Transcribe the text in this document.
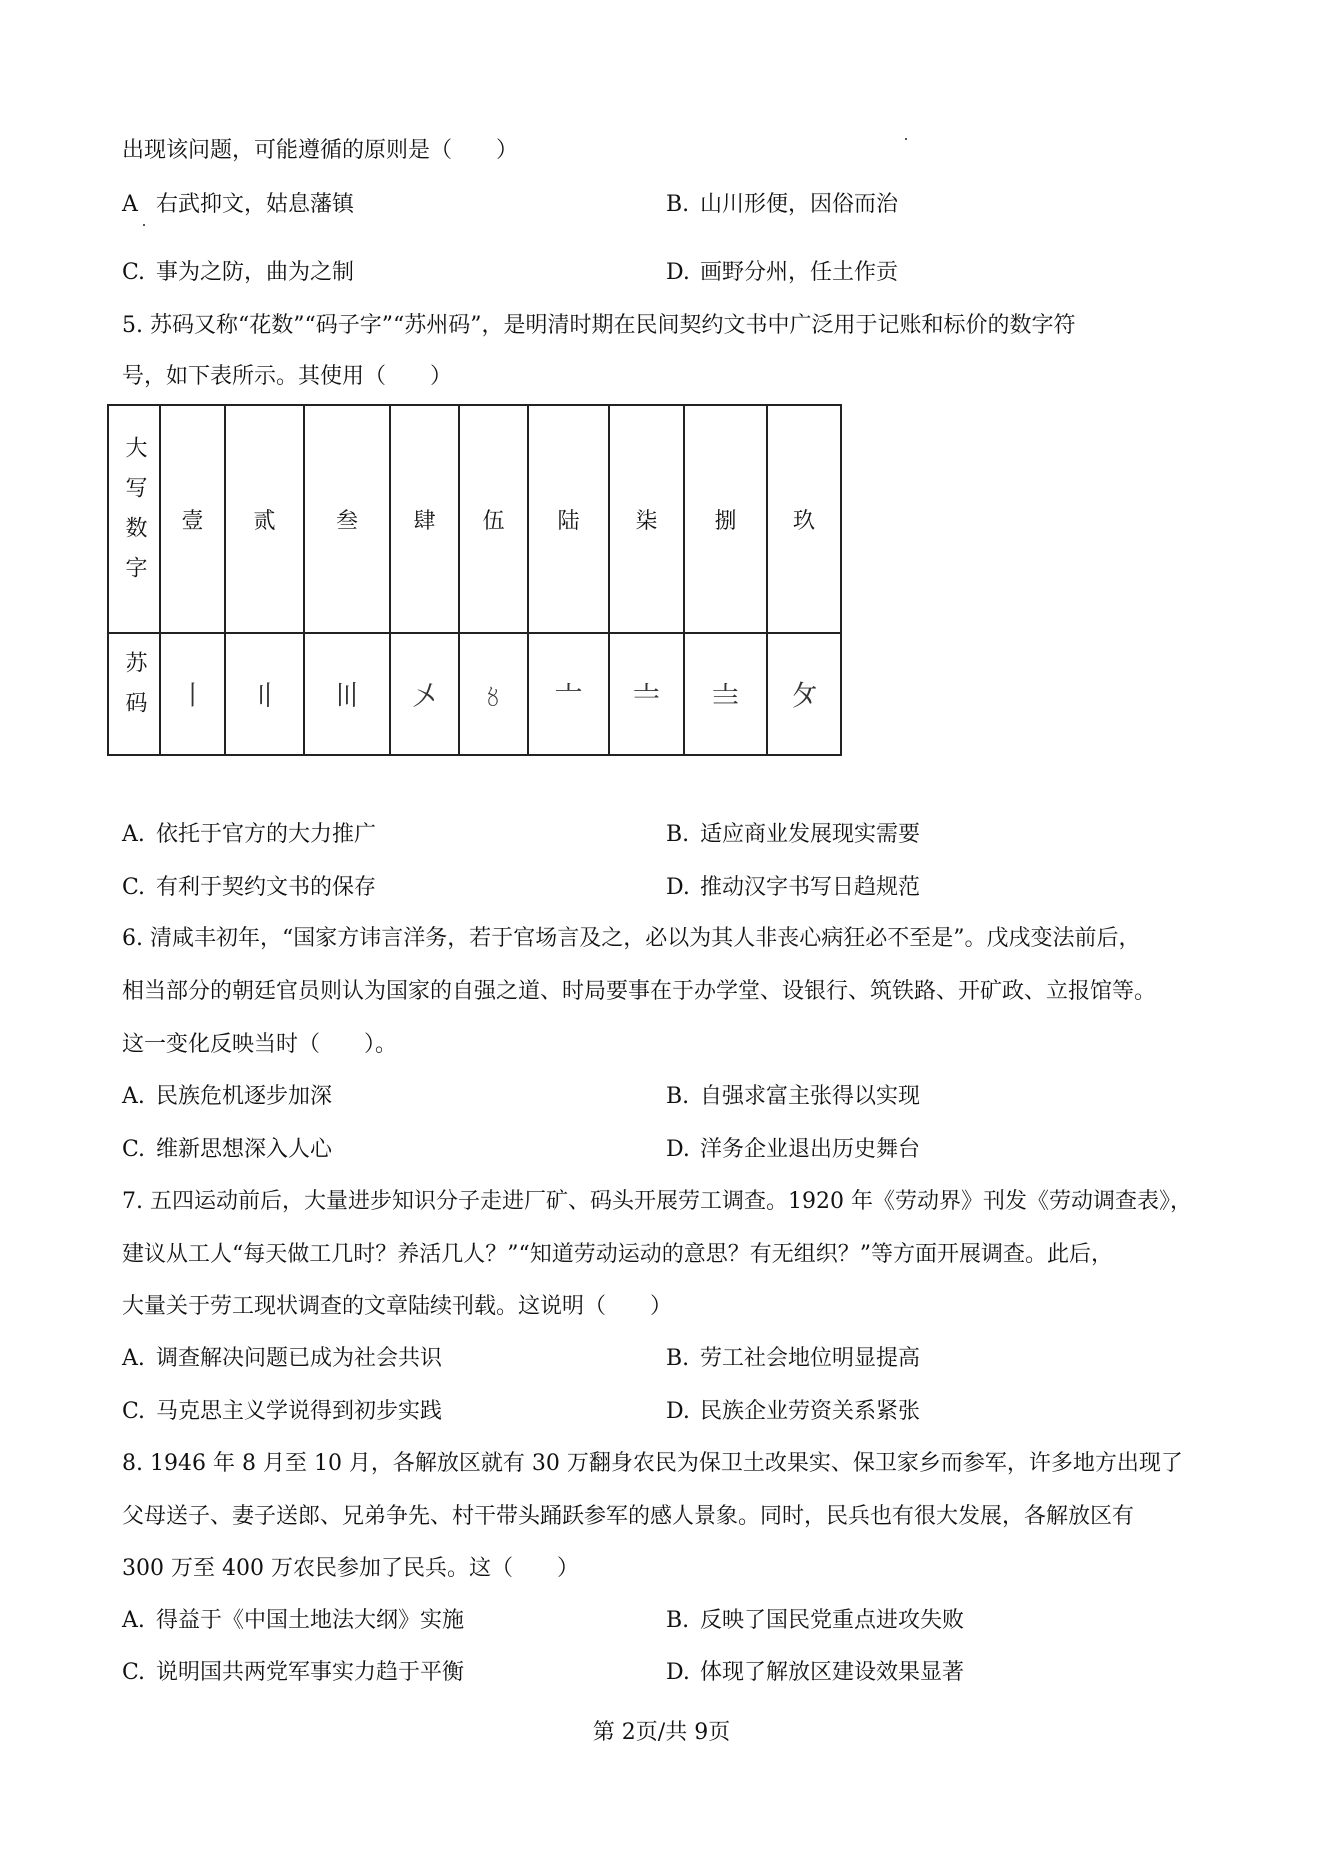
出现该问题，可能遵循的原则是（　　）
A 右武抑文，姑息藩镇	B. 山川形便，因俗而治
C. 事为之防，曲为之制	D. 画野分州，任土作贡
5. 苏码又称“花数”“码子字”“苏州码”，是明清时期在民间契约文书中广泛用于记账和标价的数字符
号，如下表所示。其使用（　　）
大写数字	壹	贰	叁	肆	伍	陆	柒	捌	玖
苏码	〡	〢	〣	〤	〥	〦	〧	〨	〩
A. 依托于官方的大力推广	B. 适应商业发展现实需要
C. 有利于契约文书的保存	D. 推动汉字书写日趋规范
6. 清咸丰初年，“国家方讳言洋务，若于官场言及之，必以为其人非丧心病狂必不至是”。戊戌变法前后，
相当部分的朝廷官员则认为国家的自强之道、时局要事在于办学堂、设银行、筑铁路、开矿政、立报馆等。
这一变化反映当时（　　）。
A. 民族危机逐步加深	B. 自强求富主张得以实现
C. 维新思想深入人心	D. 洋务企业退出历史舞台
7. 五四运动前后，大量进步知识分子走进厂矿、码头开展劳工调查。1920 年《劳动界》刊发《劳动调查表》，
建议从工人“每天做工几时？养活几人？”“知道劳动运动的意思？有无组织？”等方面开展调查。此后，
大量关于劳工现状调查的文章陆续刊载。这说明（　　）
A. 调查解决问题已成为社会共识	B. 劳工社会地位明显提高
C. 马克思主义学说得到初步实践	D. 民族企业劳资关系紧张
8. 1946 年 8 月至 10 月，各解放区就有 30 万翻身农民为保卫土改果实、保卫家乡而参军，许多地方出现了
父母送子、妻子送郎、兄弟争先、村干带头踊跃参军的感人景象。同时，民兵也有很大发展，各解放区有
300 万至 400 万农民参加了民兵。这（　　）
A. 得益于《中国土地法大纲》实施	B. 反映了国民党重点进攻失败
C. 说明国共两党军事实力趋于平衡	D. 体现了解放区建设效果显著
第 2页/共 9页
